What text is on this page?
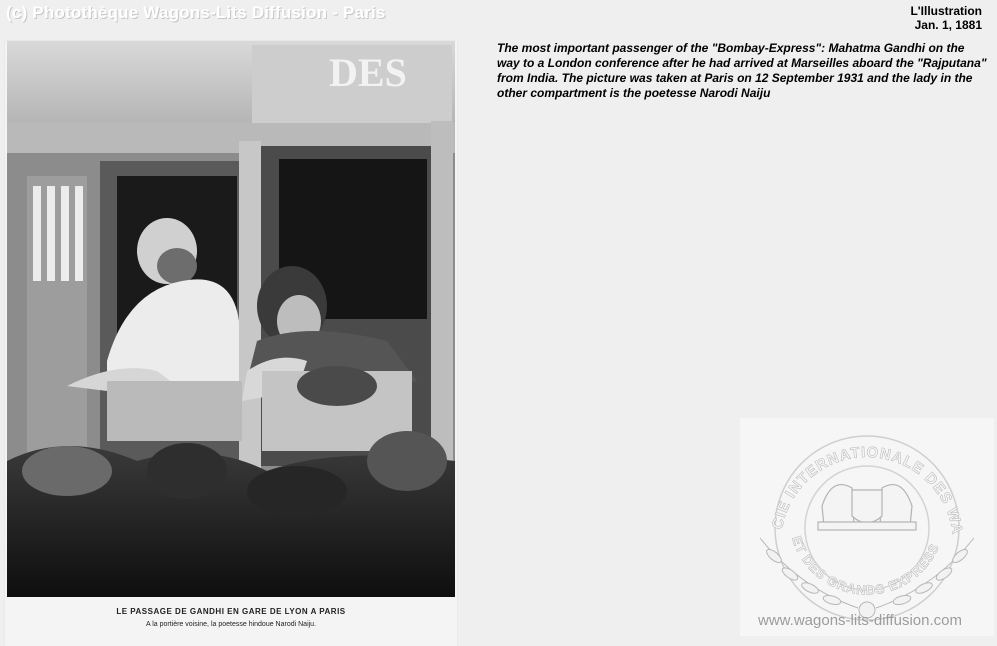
(c) Photothèque Wagons-Lits Diffusion - Paris	L'Illustration
Jan. 1, 1881
The most important passenger of the "Bombay-Express": Mahatma Gandhi on the way to a London conference after he had arrived at Marseilles aboard the "Rajputana" from India. The picture was taken at Paris on 12 September 1931 and the lady in the other compartment is the poetesse Narodi Naiju
DES
LE PASSAGE DE GANDHI EN GARE DE LYON A PARIS
A la portière voisine, la poetesse hindoue Narodi Naiju.
CIE INTERNATIONALE DES WA
ET DES GRANDS EXPRESS
www.wagons-lits-diffusion.com
